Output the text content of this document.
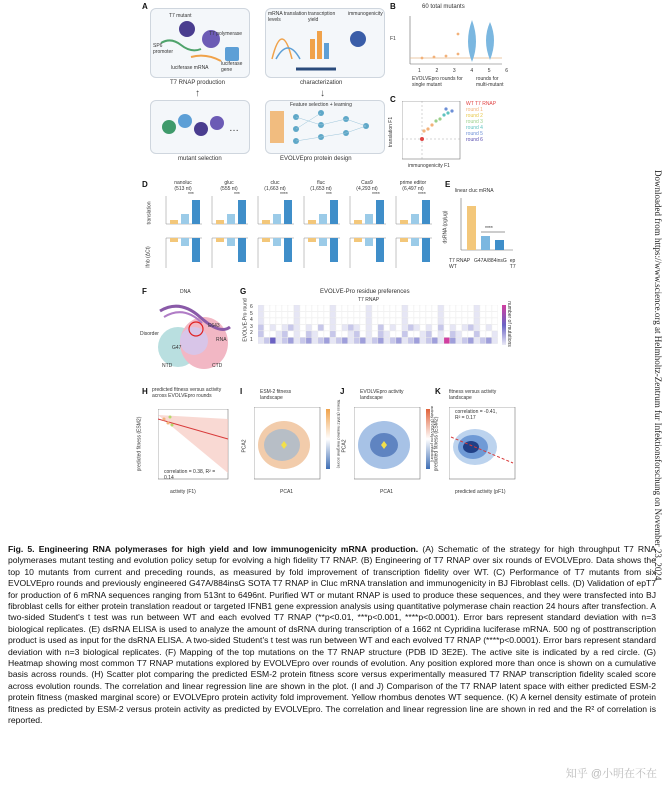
A
T7 mutant
SP6 promoter
T7 polymerase
luciferase mRNA
luciferase gene
T7 RNAP production
mRNA translation transcription	immunogenicity
levels	yield
characterization
↓
↑
…
mutant selection
Feature selection + learning
EVOLVEpro protein design
B	60 total mutants
F1
1	2	3	4	5	6
EVOLVEpro rounds for single mutant
rounds for multi-mutant
C
immunogenicity F1
translation F1
WT T7 RNAP
round 1
round 2
round 3
round 4
round 5
round 6
D
translation
Ifnb (ΔCt)
nanoluc
(513 nt)
***
gluc
(555 nt)
***
cluc
(1,663 nt)
****
fluc
(1,653 nt)
***
Cas9
(4,293 nt)
****
prime editor
(6,497 nt)
****
E
linear cluc mRNA
****
dsRNA (pg/μg)
T7 RNAP WT
G47A/884insG ep T7
F	DNA
RNA
Disorder
G47
E643
NTD	CTD
G	EVOLVE-Pro residue preferences
T7 RNAP
EVOLVE-Pro round 6
5
4
3
2
1	number of mutations
H predicted fitness versus activity across EVOLVEpro rounds
correlation = 0.38, R² = 0.14
activity (F1)
predicted fitness (ESM2)
I	ESM-2 fitness landscape
PCA1
PCA2	fitness (ESM2 masked marginal score)
J	EVOLVEpro activity landscape
PCA1
PCA2	activity (EVOLVEpro prediction)
K fitness versus activity landscape
correlation = -0.41, R² = 0.17
predicted activity (pF1)
predicted fitness (ESM2)	Downloaded from https://www.science.org at Helmholtz-Zentrum fur Infektionsforschung on November 23, 2024
Fig. 5. Engineering RNA polymerases for high yield and low immunogenicity mRNA production. (A) Schematic of the strategy for high throughput T7 RNA polymerases mutant testing and evolution policy setup for evolving a high fidelity T7 RNAP. (B) Engineering of T7 RNAP over six rounds of EVOLVEpro. Data shows the top 10 mutants from current and preceding rounds, as measured by fold improvement of transcription fidelity over WT. (C) Performance of T7 mutants from six EVOLVEpro rounds and previously engineered G47A/884insG SOTA T7 RNAP in Cluc mRNA translation and immunogenicity in BJ Fibroblast cells. (D) Validation of epT7 for production of 6 mRNA sequences ranging from 513nt to 6496nt. Purified WT or mutant RNAP is used to produce these sequences, and they were transfected into BJ fibroblast cells for either protein translation readout or targeted IFNB1 gene expression analysis using quantitative polymerase chain reaction 24 hours after transfection. A two-sided Student's t test was run between WT and each evolved T7 RNAP (**p<0.01, ***p<0.001, ****p<0.0001). Error bars represent standard deviation with n=3 biological replicates. (E) dsRNA ELISA is used to analyze the amount of dsRNA during transcription of a 1662 nt Cypridina luciferase mRNA. 500 ng of posttranscription product is used as input for the dsRNA ELISA. A two-sided Student's t test was run between WT and each evolved T7 RNAP (****p<0.0001). Error bars represent standard deviation with n=3 biological replicates. (F) Mapping of the top mutations on the T7 RNAP structure (PDB ID 3E2E). The active site is indicated by a red circle. (G) Heatmap showing most common T7 RNAP mutations explored by EVOLVEpro over rounds of evolution. Any position explored more than once is shown on a cumulative basis across rounds. (H) Scatter plot comparing the predicted ESM-2 protein fitness score versus experimentally measured T7 RNAP transcription fidelity scaled score across evolution rounds. The correlation and linear regression line are shown in the plot. (I and J) Comparison of the T7 RNAP latent space with either predicted ESM-2 protein fitness (masked marginal score) or EVOLVEpro protein activity fold improvement. Yellow rhombus denotes WT sequence. (K) A kernel density estimate of protein fitness as predicted by ESM-2 versus protein activity as predicted by EVOLVEpro. The correlation and linear regression line are shown in red and the R² of correlation is reported.
知乎 @小明在不在
